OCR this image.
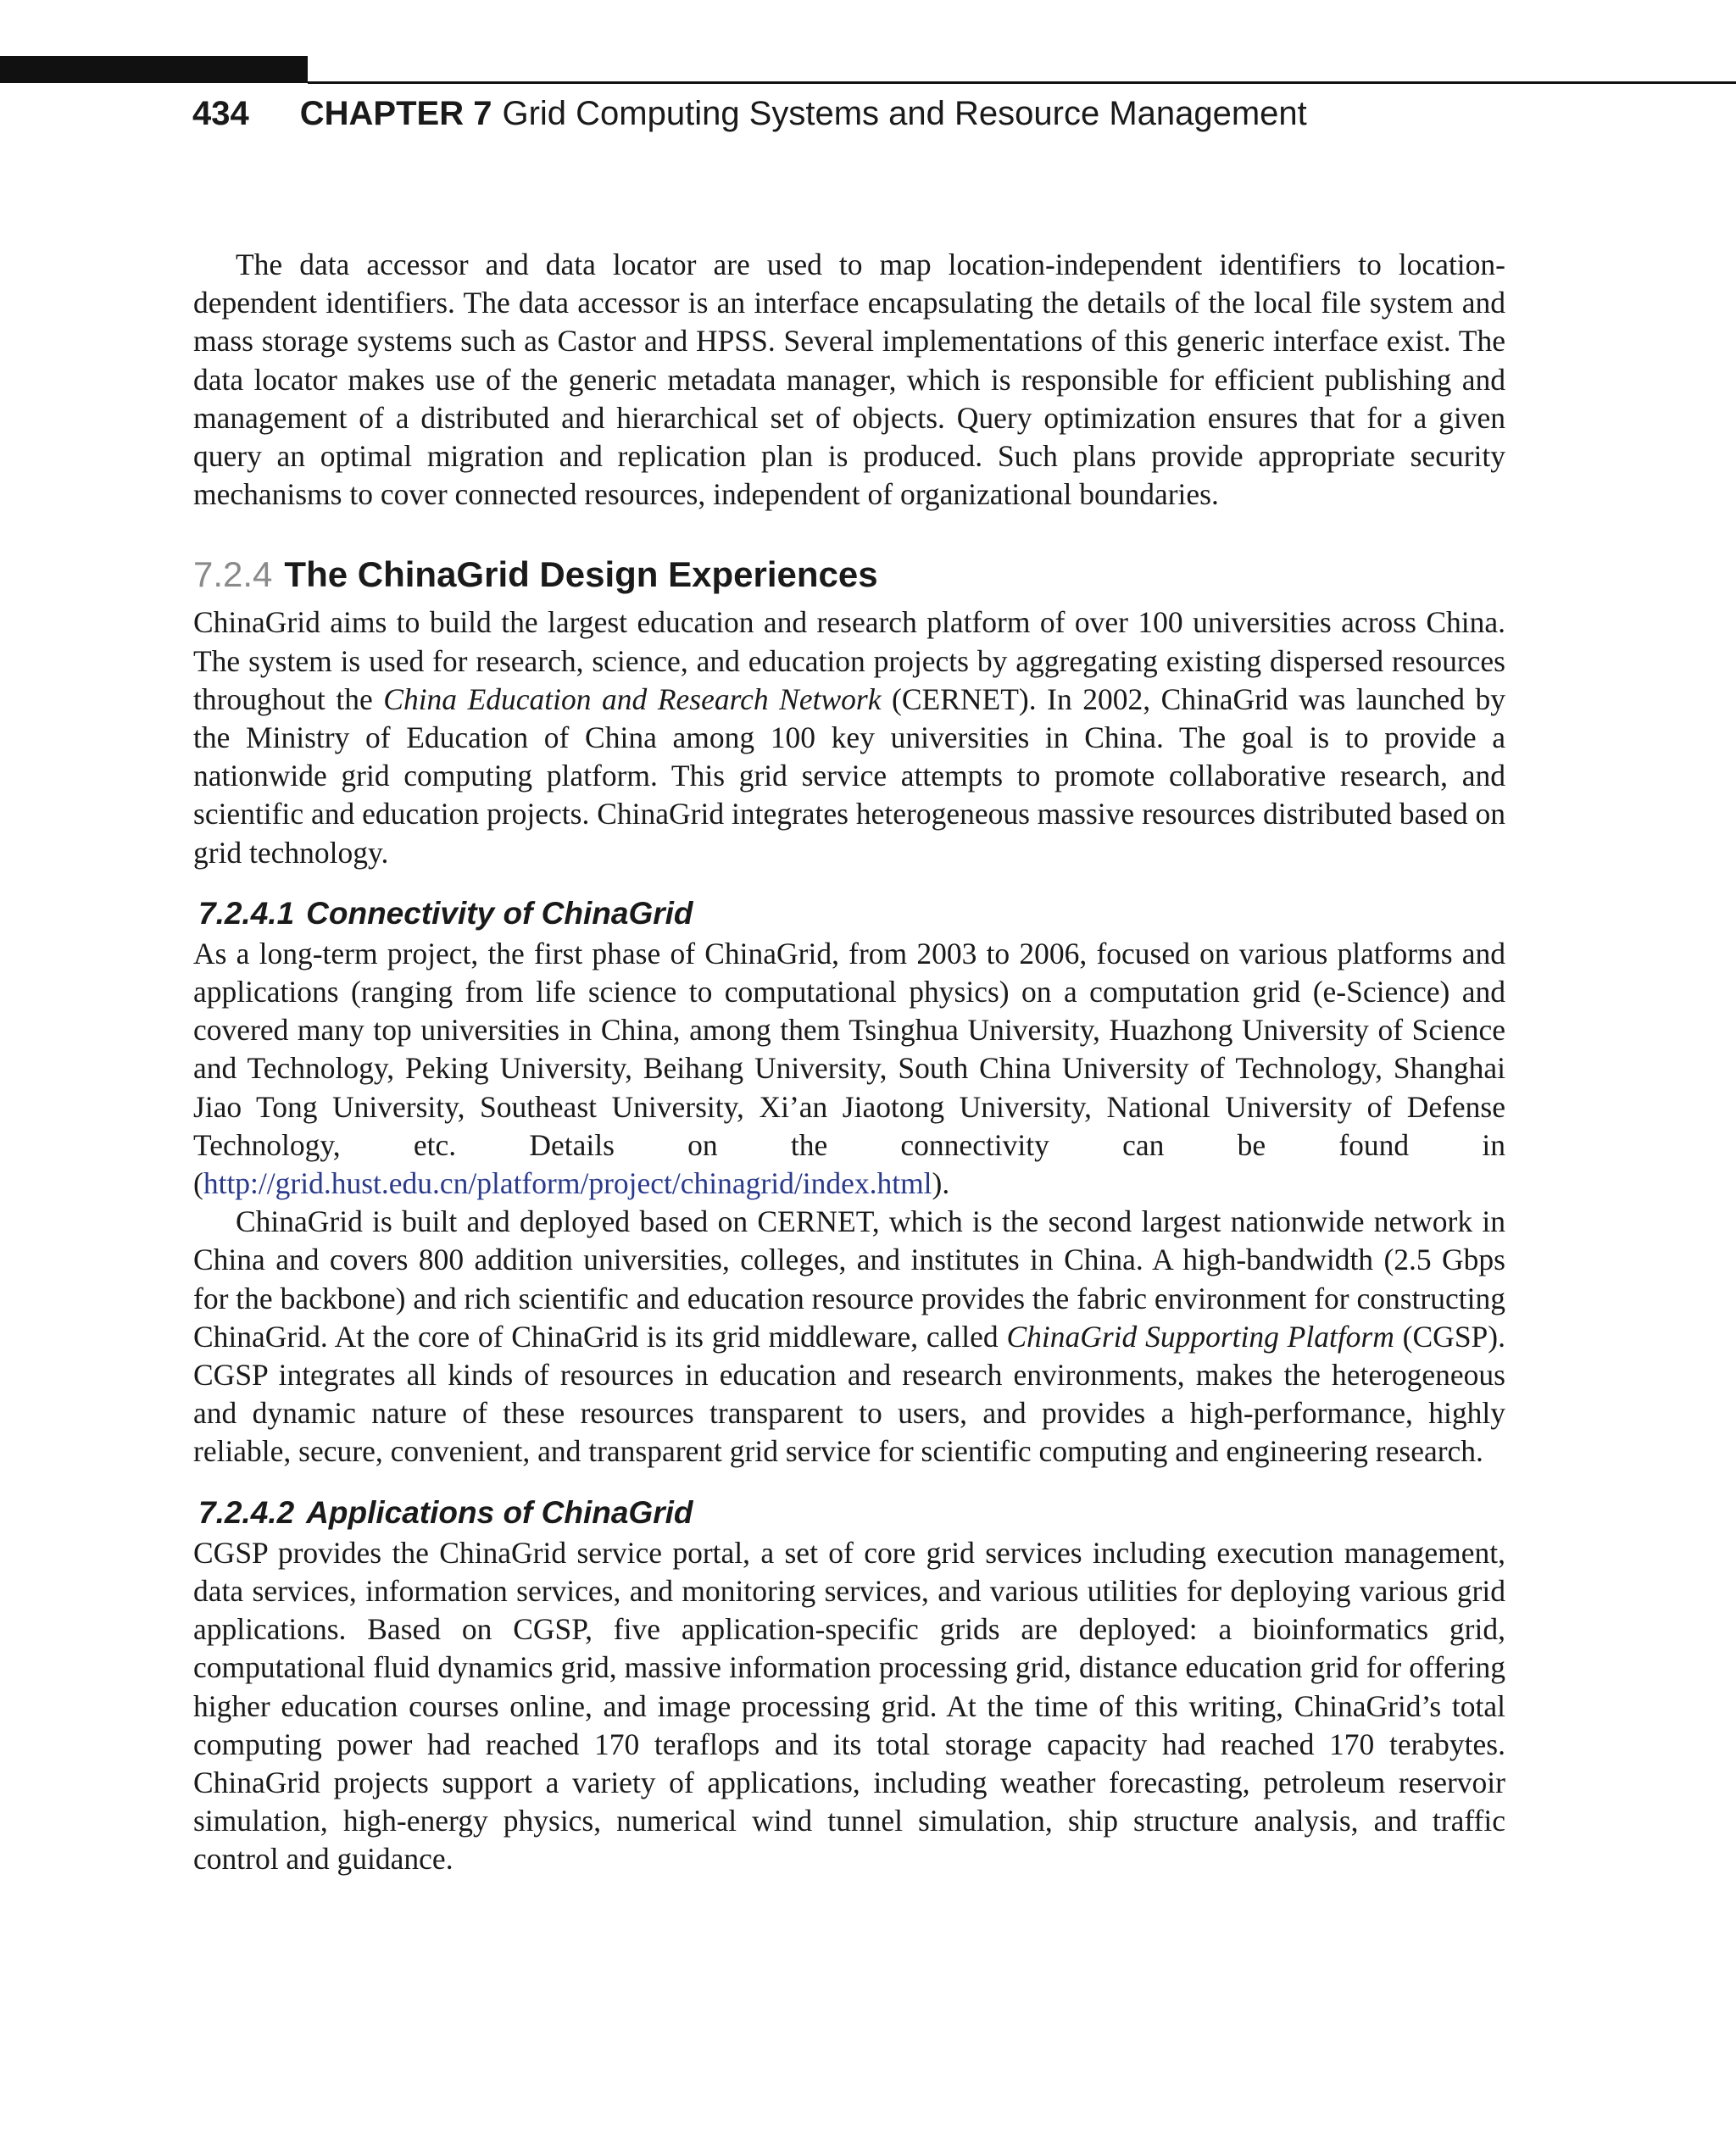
434 CHAPTER 7 Grid Computing Systems and Resource Management

The data accessor and data locator are used to map location-independent identifiers to location-dependent identifiers. The data accessor is an interface encapsulating the details of the local file system and mass storage systems such as Castor and HPSS. Several implementations of this generic interface exist. The data locator makes use of the generic metadata manager, which is responsible for efficient publishing and management of a distributed and hierarchical set of objects. Query optimization ensures that for a given query an optimal migration and replication plan is produced. Such plans provide appropriate security mechanisms to cover connected resources, independent of organizational boundaries.

7.2.4 The ChinaGrid Design Experiences

ChinaGrid aims to build the largest education and research platform of over 100 universities across China. The system is used for research, science, and education projects by aggregating existing dispersed resources throughout the China Education and Research Network (CERNET). In 2002, ChinaGrid was launched by the Ministry of Education of China among 100 key universities in China. The goal is to provide a nationwide grid computing platform. This grid service attempts to promote collaborative research, and scientific and education projects. ChinaGrid integrates heterogeneous massive resources distributed based on grid technology.

7.2.4.1 Connectivity of ChinaGrid

As a long-term project, the first phase of ChinaGrid, from 2003 to 2006, focused on various platforms and applications (ranging from life science to computational physics) on a computation grid (e-Science) and covered many top universities in China, among them Tsinghua University, Huazhong University of Science and Technology, Peking University, Beihang University, South China University of Technology, Shanghai Jiao Tong University, Southeast University, Xi’an Jiaotong University, National University of Defense Technology, etc. Details on the connectivity can be found in (http://grid.hust.edu.cn/platform/project/chinagrid/index.html).

ChinaGrid is built and deployed based on CERNET, which is the second largest nationwide network in China and covers 800 addition universities, colleges, and institutes in China. A high-bandwidth (2.5 Gbps for the backbone) and rich scientific and education resource provides the fabric environment for constructing ChinaGrid. At the core of ChinaGrid is its grid middleware, called ChinaGrid Supporting Platform (CGSP). CGSP integrates all kinds of resources in education and research environments, makes the heterogeneous and dynamic nature of these resources transparent to users, and provides a high-performance, highly reliable, secure, convenient, and transparent grid service for scientific computing and engineering research.

7.2.4.2 Applications of ChinaGrid

CGSP provides the ChinaGrid service portal, a set of core grid services including execution management, data services, information services, and monitoring services, and various utilities for deploying various grid applications. Based on CGSP, five application-specific grids are deployed: a bioinformatics grid, computational fluid dynamics grid, massive information processing grid, distance education grid for offering higher education courses online, and image processing grid. At the time of this writing, ChinaGrid’s total computing power had reached 170 teraflops and its total storage capacity had reached 170 terabytes. ChinaGrid projects support a variety of applications, including weather forecasting, petroleum reservoir simulation, high-energy physics, numerical wind tunnel simulation, ship structure analysis, and traffic control and guidance.
